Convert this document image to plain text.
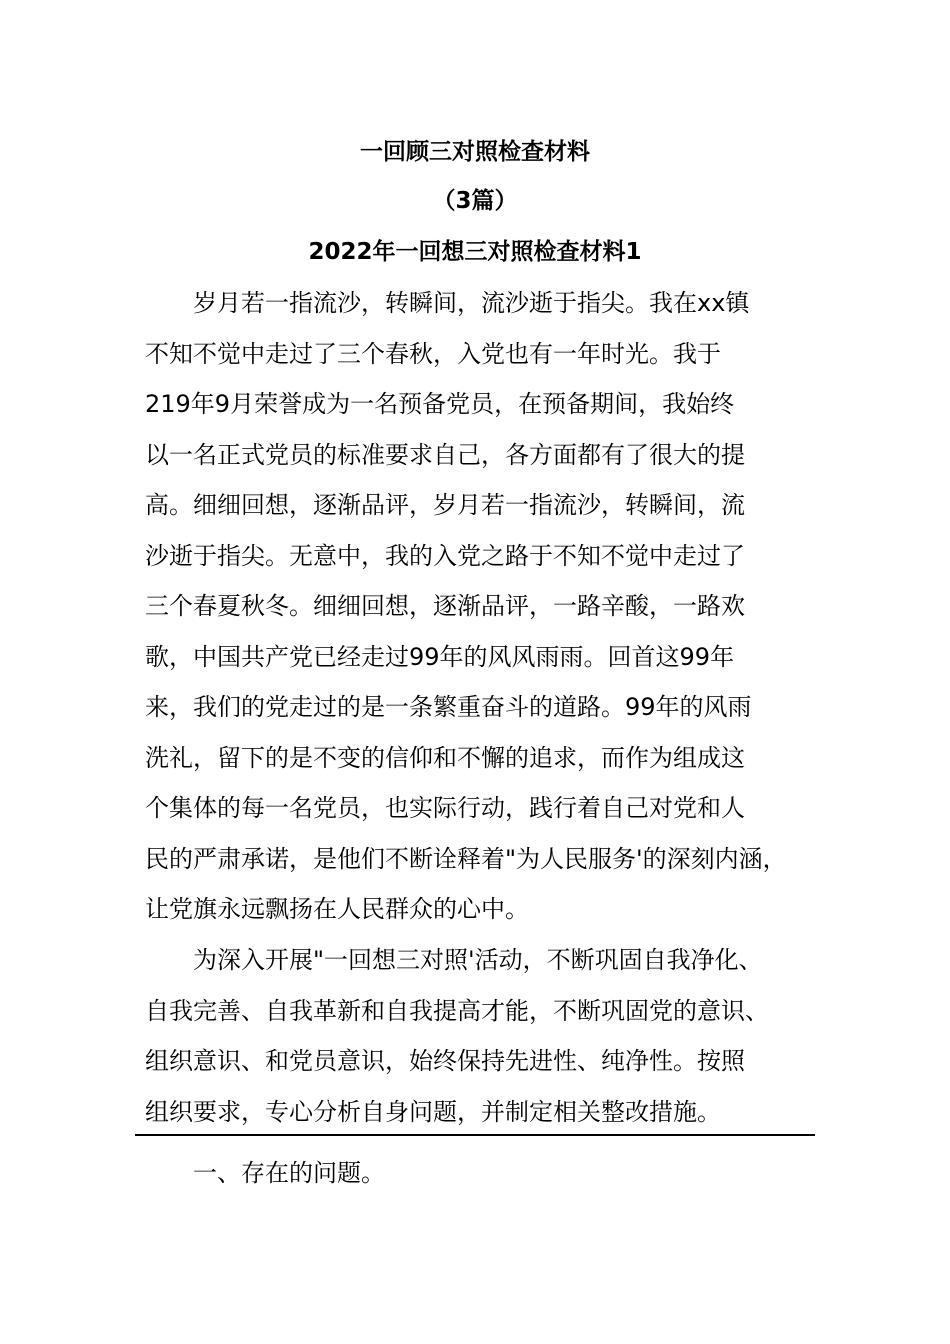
一回顾三对照检查材料
（3篇）
2022年一回想三对照检查材料1
岁月若一指流沙，转瞬间，流沙逝于指尖。我在xx镇
不知不觉中走过了三个春秋，入党也有一年时光。我于
219年9月荣誉成为一名预备党员，在预备期间，我始终
以一名正式党员的标准要求自己，各方面都有了很大的提
高。细细回想，逐渐品评，岁月若一指流沙，转瞬间，流
沙逝于指尖。无意中，我的入党之路于不知不觉中走过了
三个春夏秋冬。细细回想，逐渐品评，一路辛酸，一路欢
歌，中国共产党已经走过99年的风风雨雨。回首这99年
来，我们的党走过的是一条繁重奋斗的道路。99年的风雨
洗礼，留下的是不变的信仰和不懈的追求，而作为组成这
个集体的每一名党员，也实际行动，践行着自己对党和人
民的严肃承诺，是他们不断诠释着"为人民服务'的深刻内涵，
让党旗永远飘扬在人民群众的心中。
为深入开展"一回想三对照'活动，不断巩固自我净化、
自我完善、自我革新和自我提高才能，不断巩固党的意识、
组织意识、和党员意识，始终保持先进性、纯净性。按照
组织要求，专心分析自身问题，并制定相关整改措施。
一、存在的问题。
